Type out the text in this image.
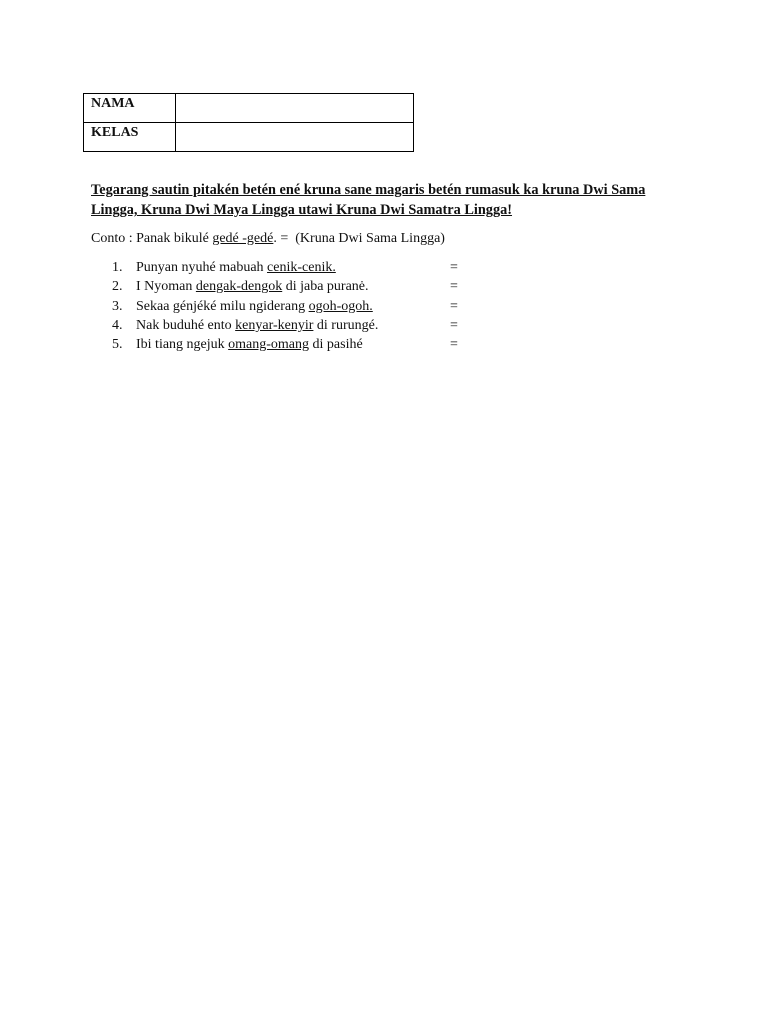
NAMA	
KELAS	
Tegarang sautin pitakén betén ené kruna sane magaris betén rumasuk ka kruna Dwi Sama Lingga, Kruna Dwi Maya Lingga utawi Kruna Dwi Samatra Lingga!
Conto : Panak bikulé gedé -gedé. =  (Kruna Dwi Sama Lingga)
1. Punyan nyuhé mabuah cenik-cenik.	=
2. I Nyoman dengak-dengok di jaba puranė.	=
3. Sekaa génjéké milu ngiderang ogoh-ogoh.	=
4. Nak buduhé ento kenyar-kenyir di rurungé.	=
5. Ibi tiang ngejuk omang-omang di pasihé	=
